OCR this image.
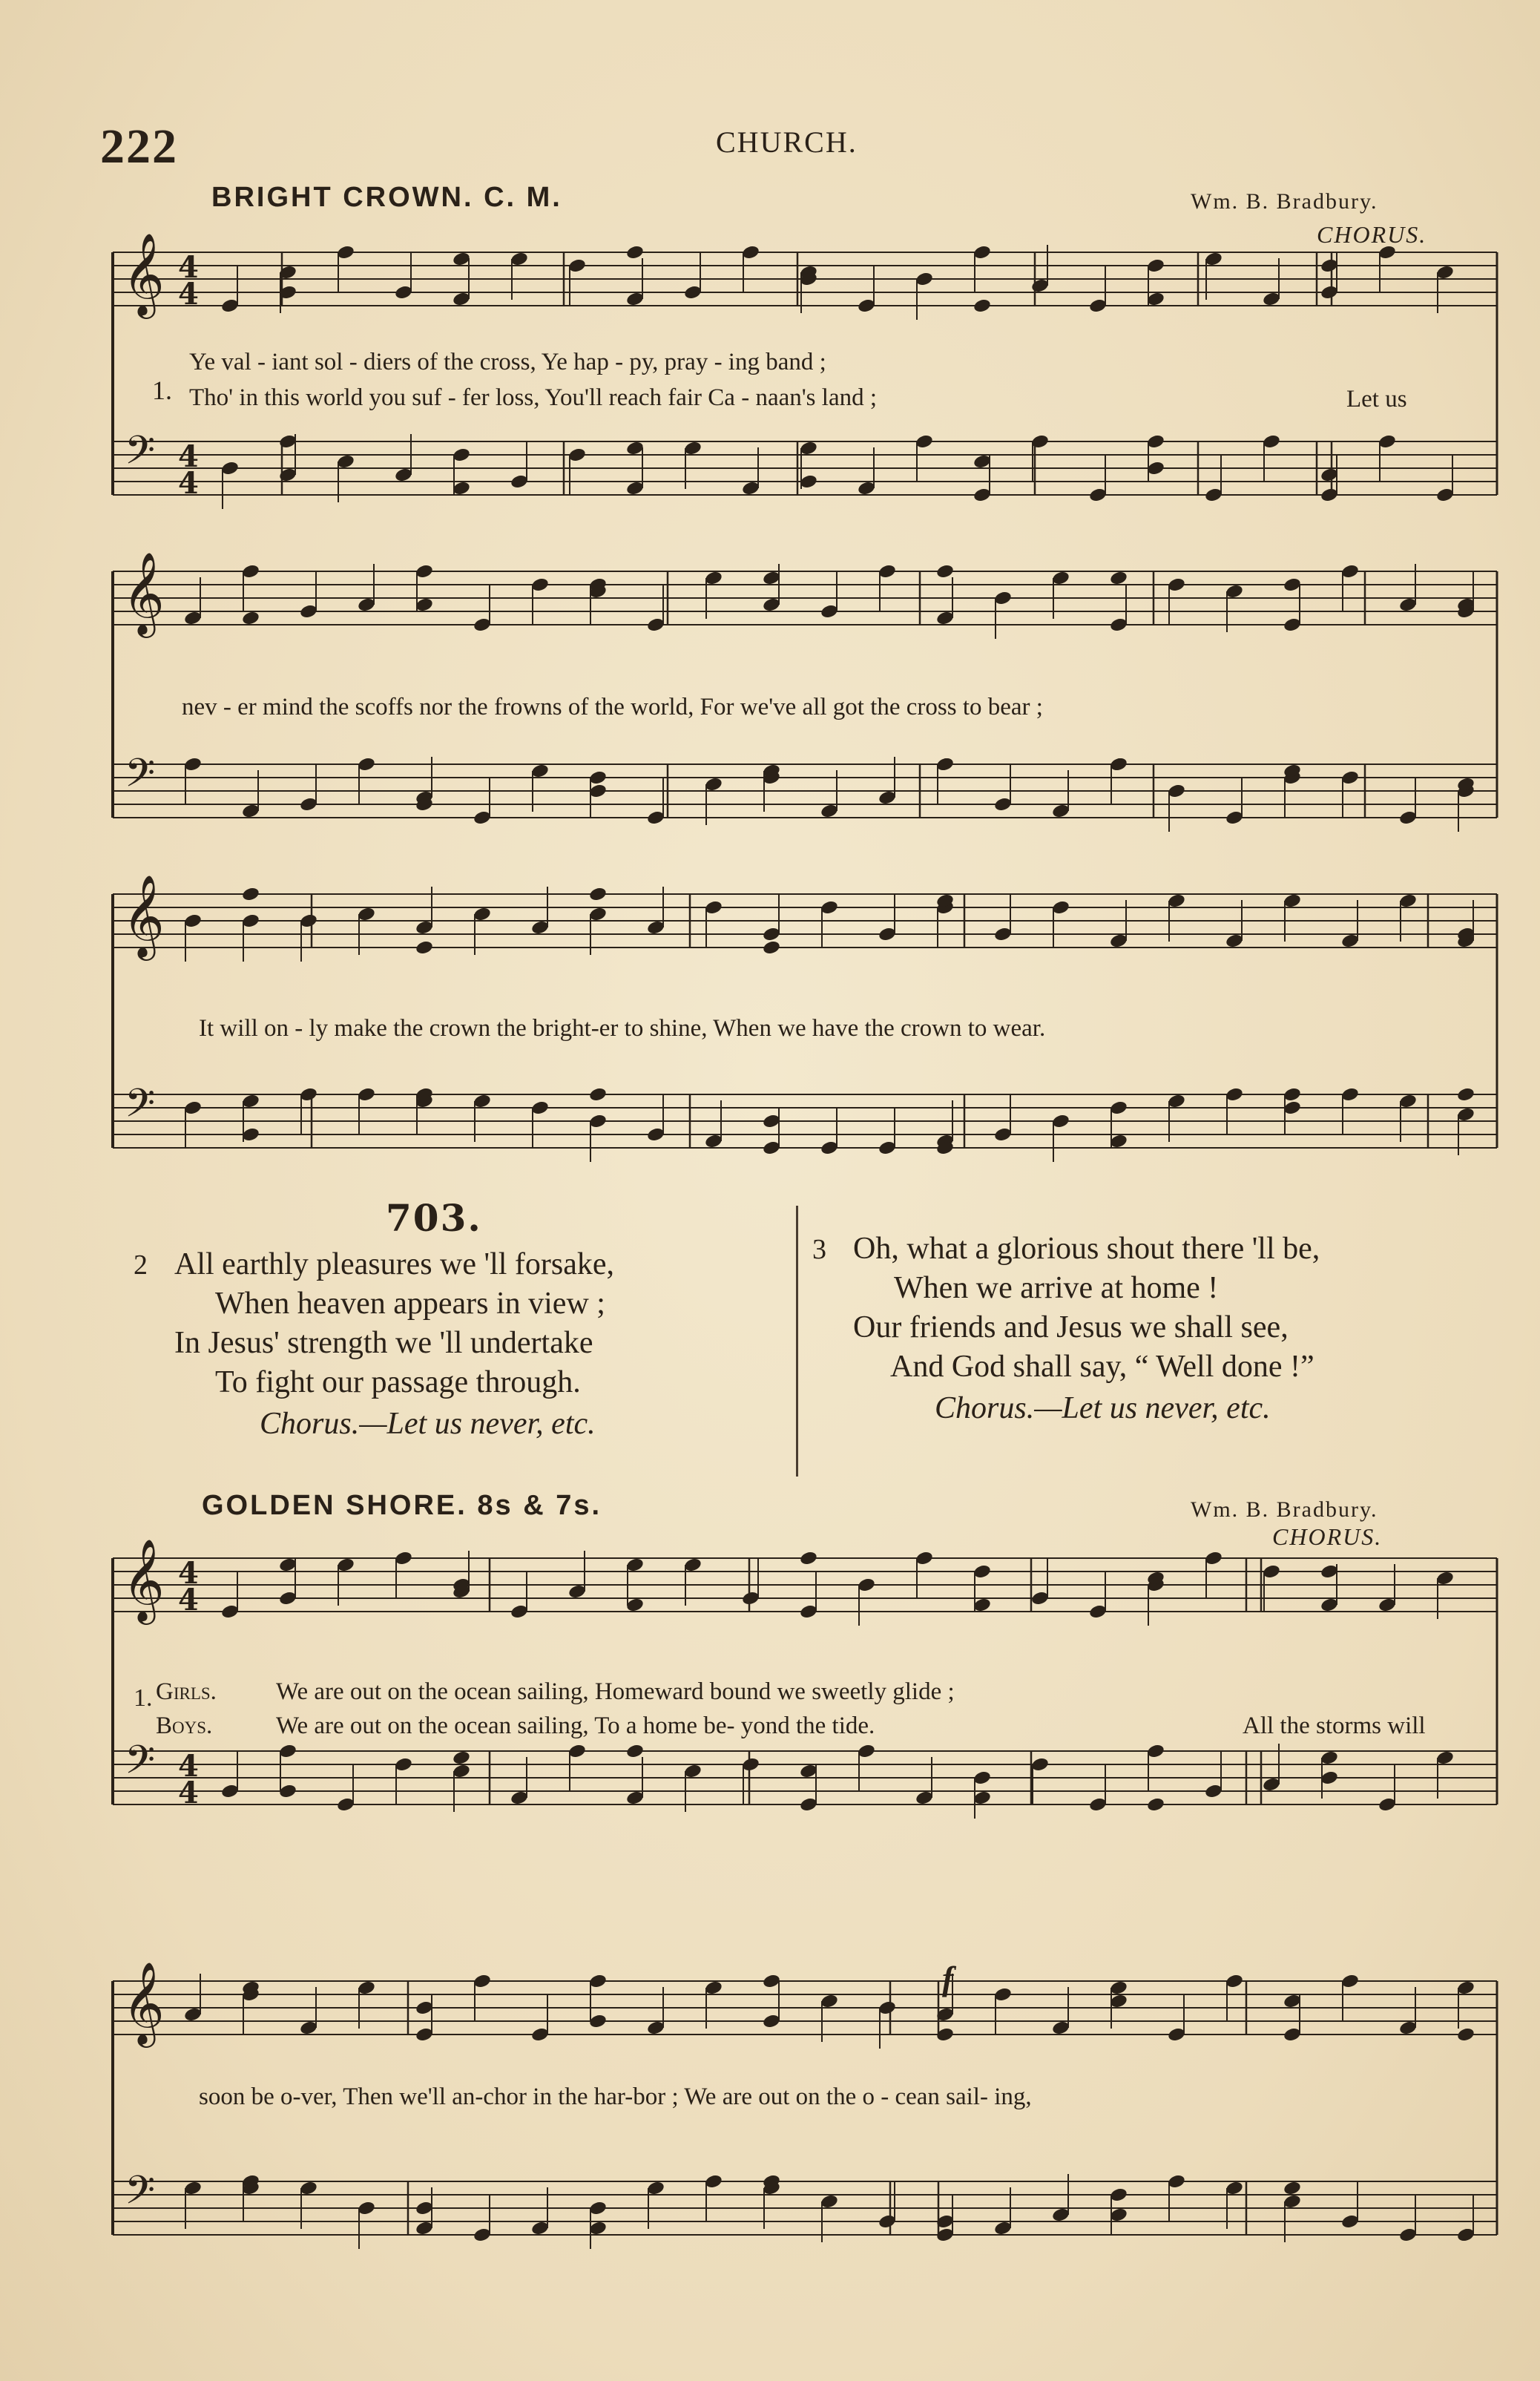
222	CHURCH.
BRIGHT CROWN. C. M.	Wm. B. Bradbury.
CHORUS.
1.
Ye val - iant sol - diers of the cross, Ye hap - py, pray - ing band ;
Tho' in this world you suf - fer loss, You'll reach fair Ca - naan's land ;	Let us
nev - er mind the scoffs nor the frowns of the world, For we've all got the cross to bear ;
It will on - ly make the crown the bright-er to shine, When we have the crown to wear.
703.
2 All earthly pleasures we 'll forsake,
When heaven appears in view ;
In Jesus' strength we 'll undertake
To fight our passage through.
Chorus.—Let us never, etc.
3 Oh, what a glorious shout there 'll be,
When we arrive at home !
Our friends and Jesus we shall see,
And God shall say, “ Well done !”
Chorus.—Let us never, etc.
GOLDEN SHORE. 8s & 7s.	Wm. B. Bradbury.
CHORUS.
1. Girls. We are out on the ocean sailing, Homeward bound we sweetly glide ;
Boys.	We are out on the ocean sailing, To a home be- yond the tide.	All the storms will
soon be o-ver, Then we'll an-chor in the har-bor ; We are out on the o - cean sail- ing,
f
𝄞
𝄢
4
4
4
4
𝄞
𝄢
𝄞
𝄢
𝄞
𝄢
4
4
4
4
𝄞
𝄢
